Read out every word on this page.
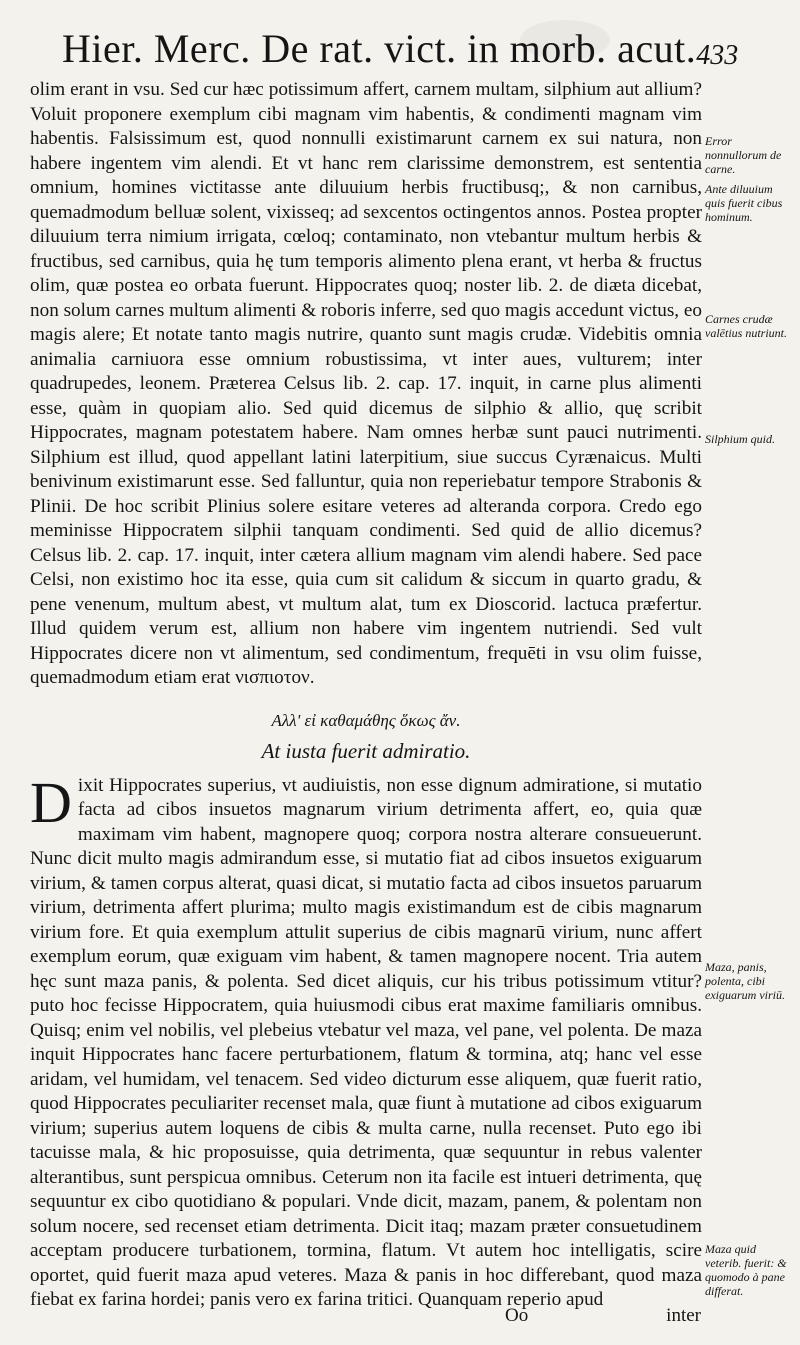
Hier. Merc. De rat. vict. in morb. acut. 433

olim erant in vsu. Sed cur hæc potissimum affert, carnem multam, silphium aut allium? Voluit proponere exemplum cibi magnam vim habentis, & condimenti magnam vim habentis. Falsissimum est, quod nonnulli existimarunt carnem ex sui natura, non habere ingentem vim alendi. Et vt hanc rem clarissime demonstrem, est sententia omnium, homines victitasse ante diluuium herbis fructibusq;, & non carnibus, quemadmodum belluæ solent, vixisseq; ad sexcentos octingentos annos. Postea propter diluuium terra nimium irrigata, cœloq; contaminato, non vtebantur multum herbis & fructibus, sed carnibus, quia hę tum temporis alimento plena erant, vt herba & fructus olim, quæ postea eo orbata fuerunt. Hippocrates quoq; noster lib. 2. de diæta dicebat, non solum carnes multum alimenti & roboris inferre, sed quo magis accedunt victus, eo magis alere; Et notate tanto magis nutrire, quanto sunt magis crudæ. Videbitis omnia animalia carniuora esse omnium robustissima, vt inter aues, vulturem; inter quadrupedes, leonem. Præterea Celsus lib. 2. cap. 17. inquit, in carne plus alimenti esse, quàm in quopiam alio. Sed quid dicemus de silphio & allio, quę scribit Hippocrates, magnam potestatem habere. Nam omnes herbæ sunt pauci nutrimenti. Silphium est illud, quod appellant latini laterpitium, siue succus Cyrænaicus. Multi benivinum existimarunt esse. Sed falluntur, quia non reperiebatur tempore Strabonis & Plinii. De hoc scribit Plinius solere esitare veteres ad alteranda corpora. Credo ego meminisse Hippocratem silphii tanquam condimenti. Sed quid de allio dicemus? Celsus lib. 2. cap. 17. inquit, inter cætera allium magnam vim alendi habere. Sed pace Celsi, non existimo hoc ita esse, quia cum sit calidum & siccum in quarto gradu, & pene venenum, multum abest, vt multum alat, tum ex Dioscorid. lactuca præfertur. Illud quidem verum est, allium non habere vim ingentem nutriendi. Sed vult Hippocrates dicere non vt alimentum, sed condimentum, frequēti in vsu olim fuisse, quemadmodum etiam erat νισπιοτον.

Αλλ' εἰ καθαμάθης ὅκως ἄν.
At iusta fuerit admiratio.

Dixit Hippocrates superius, vt audiuistis, non esse dignum admiratione, si mutatio facta ad cibos insuetos magnarum virium detrimenta affert, eo, quia quæ maximam vim habent, magnopere quoq; corpora nostra alterare consueuerunt. Nunc dicit multo magis admirandum esse, si mutatio fiat ad cibos insuetos exiguarum virium, & tamen corpus alterat, quasi dicat, si mutatio facta ad cibos insuetos paruarum virium, detrimenta affert plurima; multo magis existimandum est de cibis magnarum virium fore. Et quia exemplum attulit superius de cibis magnarū virium, nunc affert exemplum eorum, quæ exiguam vim habent, & tamen magnopere nocent. Tria autem hęc sunt maza panis, & polenta. Sed dicet aliquis, cur his tribus potissimum vtitur? puto hoc fecisse Hippocratem, quia huiusmodi cibus erat maxime familiaris omnibus. Quisq; enim vel nobilis, vel plebeius vtebatur vel maza, vel pane, vel polenta. De maza inquit Hippocrates hanc facere perturbationem, flatum & tormina, atq; hanc vel esse aridam, vel humidam, vel tenacem. Sed video dicturum esse aliquem, quæ fuerit ratio, quod Hippocrates peculiariter recenset mala, quæ fiunt à mutatione ad cibos exiguarum virium; superius autem loquens de cibis & multa carne, nulla recenset. Puto ego ibi tacuisse mala, & hic proposuisse, quia detrimenta, quæ sequuntur in rebus valenter alterantibus, sunt perspicua omnibus. Ceterum non ita facile est intueri detrimenta, quę sequuntur ex cibo quotidiano & populari. Vnde dicit, mazam, panem, & polentam non solum nocere, sed recenset etiam detrimenta. Dicit itaq; mazam præter consuetudinem acceptam producere turbationem, tormina, flatum. Vt autem hoc intelligatis, scire oportet, quid fuerit maza apud veteres. Maza & panis in hoc differebant, quod maza fiebat ex farina hordei; panis vero ex farina tritici. Quanquam reperio apud

Error nonnullorum de carne.
Ante diluuium quis fuerit cibus hominum.
Carnes crudæ valētius nutriunt.
Silphium quid.
Maza, panis, polenta, cibi exiguarum viriū.
Maza quid veterib. fuerit: & quomodo à pane differat.
Oo	inter
